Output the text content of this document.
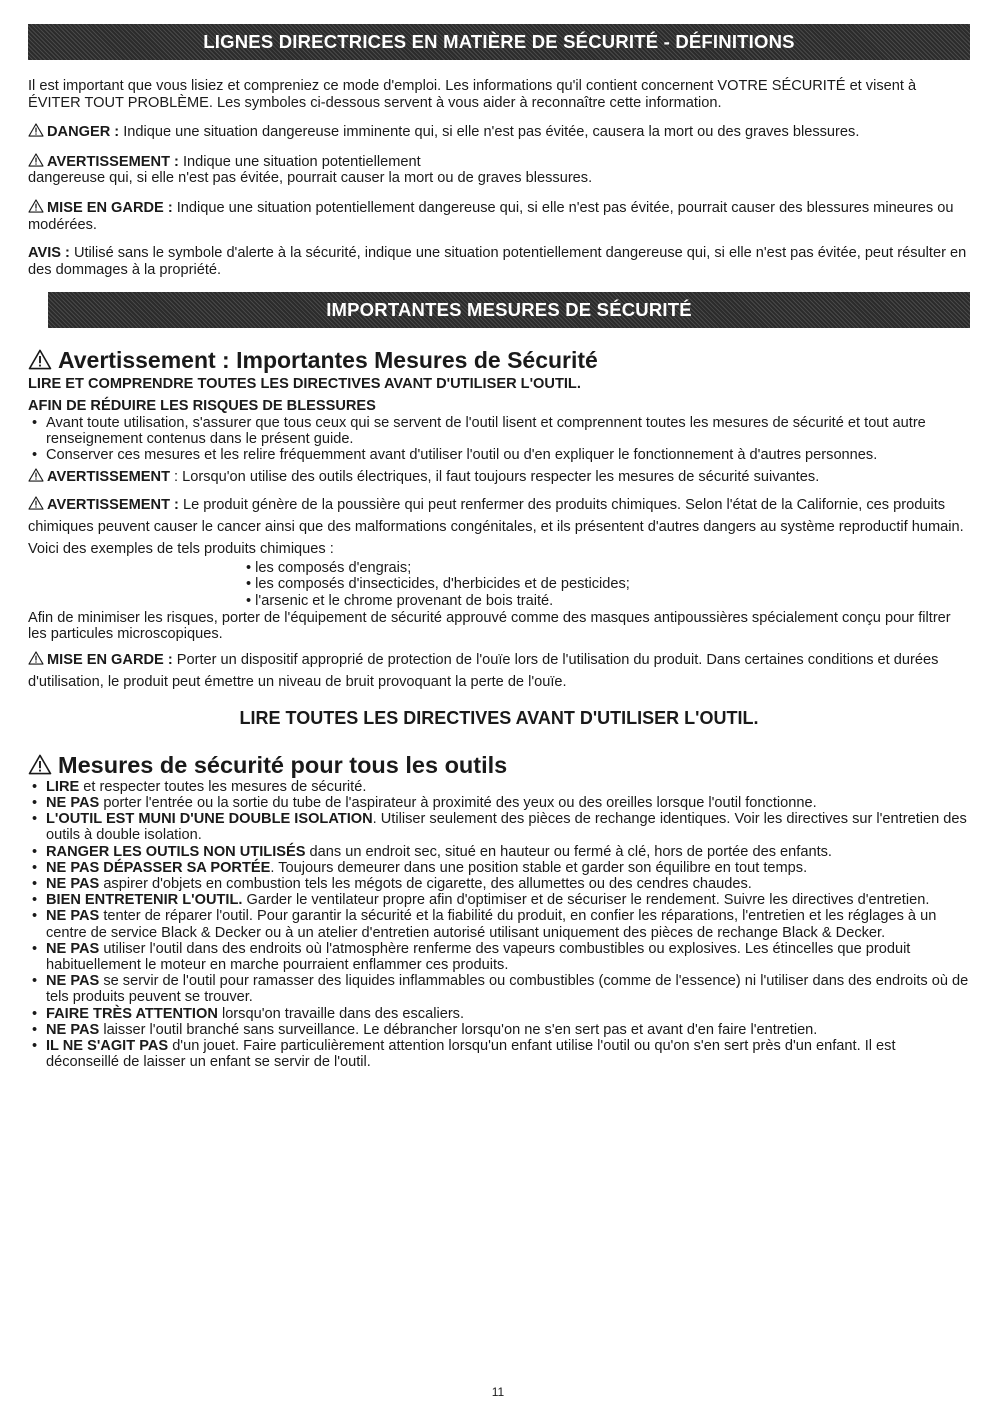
LIGNES DIRECTRICES EN MATIÈRE DE SÉCURITÉ - DÉFINITIONS

Il est important que vous lisiez et compreniez ce mode d'emploi. Les informations qu'il contient concernent VOTRE SÉCURITÉ et visent à ÉVITER TOUT PROBLÈME. Les symboles ci-dessous servent à vous aider à reconnaître cette information.

DANGER : Indique une situation dangereuse imminente qui, si elle n'est pas évitée, causera la mort ou des graves blessures.

AVERTISSEMENT : Indique une situation potentiellement
dangereuse qui, si elle n'est pas évitée, pourrait causer la mort ou de graves blessures.

MISE EN GARDE : Indique une situation potentiellement dangereuse qui, si elle n'est pas évitée, pourrait causer des blessures mineures ou modérées.

AVIS : Utilisé sans le symbole d'alerte à la sécurité, indique une situation potentiellement dangereuse qui, si elle n'est pas évitée, peut résulter en des dommages à la propriété.

IMPORTANTES MESURES DE SÉCURITÉ

Avertissement : Importantes Mesures de Sécurité

LIRE ET COMPRENDRE TOUTES LES DIRECTIVES AVANT D'UTILISER L'OUTIL.

AFIN DE RÉDUIRE LES RISQUES DE BLESSURES

• Avant toute utilisation, s'assurer que tous ceux qui se servent de l'outil lisent et comprennent toutes les mesures de sécurité et tout autre renseignement contenus dans le présent guide.
• Conserver ces mesures et les relire fréquemment avant d'utiliser l'outil ou d'en expliquer le fonctionnement à d'autres personnes.

AVERTISSEMENT : Lorsqu'on utilise des outils électriques, il faut toujours respecter les mesures de sécurité suivantes.

AVERTISSEMENT : Le produit génère de la poussière qui peut renfermer des produits chimiques. Selon l'état de la Californie, ces produits chimiques peuvent causer le cancer ainsi que des malformations congénitales, et ils présentent d'autres dangers au système reproductif humain. Voici des exemples de tels produits chimiques :

• les composés d'engrais;
• les composés d'insecticides, d'herbicides et de pesticides;
• l'arsenic et le chrome provenant de bois traité.

Afin de minimiser les risques, porter de l'équipement de sécurité approuvé comme des masques antipoussières spécialement conçu pour filtrer les particules microscopiques.

MISE EN GARDE : Porter un dispositif approprié de protection de l'ouïe lors de l'utilisation du produit. Dans certaines conditions et durées d'utilisation, le produit peut émettre un niveau de bruit provoquant la perte de l'ouïe.

LIRE TOUTES LES DIRECTIVES AVANT D'UTILISER L'OUTIL.

Mesures de sécurité pour tous les outils

• LIRE et respecter toutes les mesures de sécurité.
• NE PAS porter l'entrée ou la sortie du tube de l'aspirateur à proximité des yeux ou des oreilles lorsque l'outil fonctionne.
• L'OUTIL EST MUNI D'UNE DOUBLE ISOLATION. Utiliser seulement des pièces de rechange identiques. Voir les directives sur l'entretien des outils à double isolation.
• RANGER LES OUTILS NON UTILISÉS dans un endroit sec, situé en hauteur ou fermé à clé, hors de portée des enfants.
• NE PAS DÉPASSER SA PORTÉE. Toujours demeurer dans une position stable et garder son équilibre en tout temps.
• NE PAS aspirer d'objets en combustion tels les mégots de cigarette, des allumettes ou des cendres chaudes.
• BIEN ENTRETENIR L'OUTIL. Garder le ventilateur propre afin d'optimiser et de sécuriser le rendement. Suivre les directives d'entretien.
• NE PAS tenter de réparer l'outil. Pour garantir la sécurité et la fiabilité du produit, en confier les réparations, l'entretien et les réglages à un centre de service Black & Decker ou à un atelier d'entretien autorisé utilisant uniquement des pièces de rechange Black & Decker.
• NE PAS utiliser l'outil dans des endroits où l'atmosphère renferme des vapeurs combustibles ou explosives. Les étincelles que produit habituellement le moteur en marche pourraient enflammer ces produits.
• NE PAS se servir de l'outil pour ramasser des liquides inflammables ou combustibles (comme de l'essence) ni l'utiliser dans des endroits où de tels produits peuvent se trouver.
• FAIRE TRÈS ATTENTION lorsqu'on travaille dans des escaliers.
• NE PAS laisser l'outil branché sans surveillance. Le débrancher lorsqu'on ne s'en sert pas et avant d'en faire l'entretien.
• IL NE S'AGIT PAS d'un jouet. Faire particulièrement attention lorsqu'un enfant utilise l'outil ou qu'on s'en sert près d'un enfant. Il est déconseillé de laisser un enfant se servir de l'outil.
11
